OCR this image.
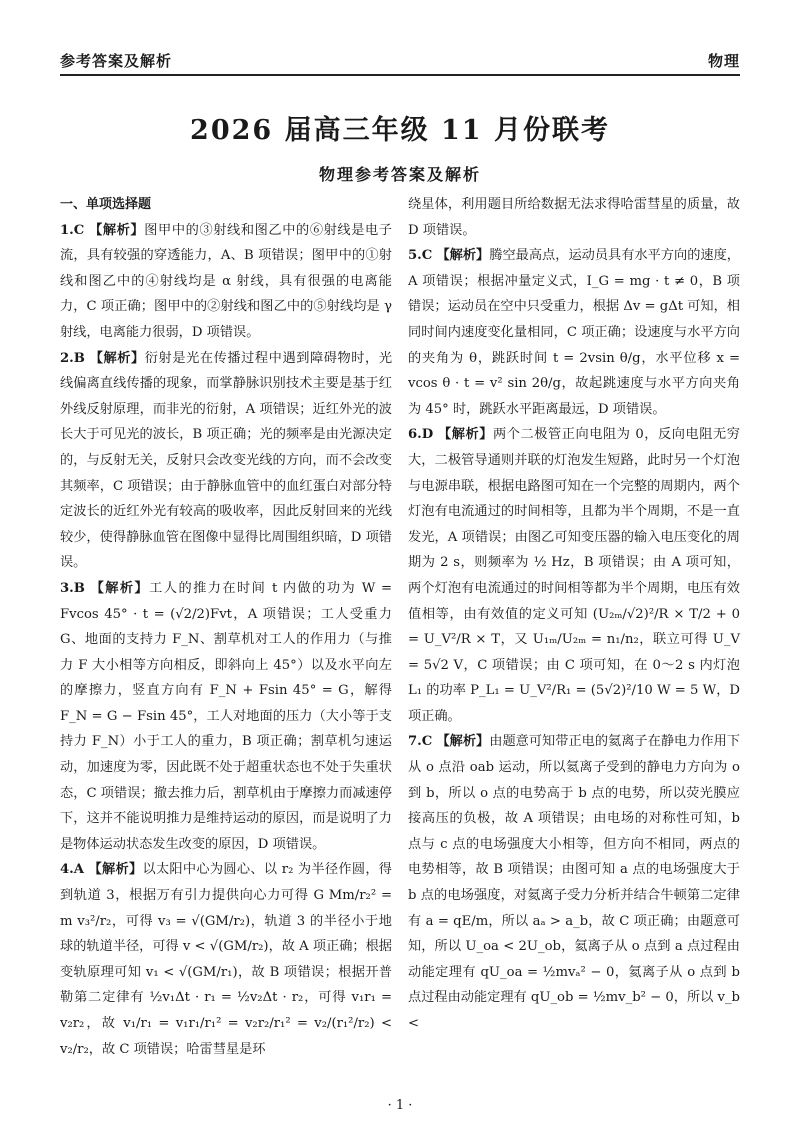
参考答案及解析	物理
2026 届高三年级 11 月份联考
物理参考答案及解析

一、单项选择题

1.C 【解析】图甲中的③射线和图乙中的⑥射线是电子流，具有较强的穿透能力，A、B 项错误；图甲中的①射线和图乙中的④射线均是 α 射线，具有很强的电离能力，C 项正确；图甲中的②射线和图乙中的⑤射线均是 γ 射线，电离能力很弱，D 项错误。

2.B 【解析】衍射是光在传播过程中遇到障碍物时，光线偏离直线传播的现象，而掌静脉识别技术主要是基于红外线反射原理，而非光的衍射，A 项错误；近红外光的波长大于可见光的波长，B 项正确；光的频率是由光源决定的，与反射无关，反射只会改变光线的方向，而不会改变其频率，C 项错误；由于静脉血管中的血红蛋白对部分特定波长的近红外光有较高的吸收率，因此反射回来的光线较少，使得静脉血管在图像中显得比周围组织暗，D 项错误。

3.B 【解析】工人的推力在时间 t 内做的功为 W = Fvcos 45° · t = (√2/2)Fvt，A 项错误；工人受重力 G、地面的支持力 F_N、割草机对工人的作用力（与推力 F 大小相等方向相反，即斜向上 45°）以及水平向左的摩擦力，竖直方向有 F_N + Fsin 45° = G，解得 F_N = G − Fsin 45°，工人对地面的压力（大小等于支持力 F_N）小于工人的重力，B 项正确；割草机匀速运动，加速度为零，因此既不处于超重状态也不处于失重状态，C 项错误；撤去推力后，割草机由于摩擦力而减速停下，这并不能说明推力是维持运动的原因，而是说明了力是物体运动状态发生改变的原因，D 项错误。

4.A 【解析】以太阳中心为圆心、以 r₂ 为半径作圆，得到轨道 3，根据万有引力提供向心力可得 G Mm/r₂² = m v₃²/r₂，可得 v₃ = √(GM/r₂)，轨道 3 的半径小于地球的轨道半径，可得 v < √(GM/r₂)，故 A 项正确；根据变轨原理可知 v₁ < √(GM/r₁)，故 B 项错误；根据开普勒第二定律有 ½v₁Δt · r₁ = ½v₂Δt · r₂，可得 v₁r₁ = v₂r₂，故 v₁/r₁ = v₁r₁/r₁² = v₂r₂/r₁² = v₂/(r₁²/r₂) < v₂/r₂，故 C 项错误；哈雷彗星是环

绕星体，利用题目所给数据无法求得哈雷彗星的质量，故 D 项错误。

5.C 【解析】腾空最高点，运动员具有水平方向的速度，A 项错误；根据冲量定义式，I_G = mg · t ≠ 0，B 项错误；运动员在空中只受重力，根据 Δv = gΔt 可知，相同时间内速度变化量相同，C 项正确；设速度与水平方向的夹角为 θ，跳跃时间 t = 2vsin θ/g，水平位移 x = vcos θ · t = v² sin 2θ/g，故起跳速度与水平方向夹角为 45° 时，跳跃水平距离最远，D 项错误。

6.D 【解析】两个二极管正向电阻为 0，反向电阻无穷大，二极管导通则并联的灯泡发生短路，此时另一个灯泡与电源串联，根据电路图可知在一个完整的周期内，两个灯泡有电流通过的时间相等，且都为半个周期，不是一直发光，A 项错误；由图乙可知变压器的输入电压变化的周期为 2 s，则频率为 ½ Hz，B 项错误；由 A 项可知，两个灯泡有电流通过的时间相等都为半个周期，电压有效值相等，由有效值的定义可知 (U₂ₘ/√2)²/R × T/2 + 0 = U_V²/R × T，又 U₁ₘ/U₂ₘ = n₁/n₂，联立可得 U_V = 5√2 V，C 项错误；由 C 项可知，在 0～2 s 内灯泡 L₁ 的功率 P_L₁ = U_V²/R₁ = (5√2)²/10 W = 5 W，D 项正确。

7.C 【解析】由题意可知带正电的氦离子在静电力作用下从 o 点沿 oab 运动，所以氦离子受到的静电力方向为 o 到 b，所以 o 点的电势高于 b 点的电势，所以荧光膜应接高压的负极，故 A 项错误；由电场的对称性可知，b 点与 c 点的电场强度大小相等，但方向不相同，两点的电势相等，故 B 项错误；由图可知 a 点的电场强度大于 b 点的电场强度，对氦离子受力分析并结合牛顿第二定律有 a = qE/m，所以 aₐ > a_b，故 C 项正确；由题意可知，所以 U_oa < 2U_ob，氦离子从 o 点到 a 点过程由动能定理有 qU_oa = ½mvₐ² − 0，氦离子从 o 点到 b 点过程由动能定理有 qU_ob = ½mv_b² − 0，所以 v_b <

· 1 ·
